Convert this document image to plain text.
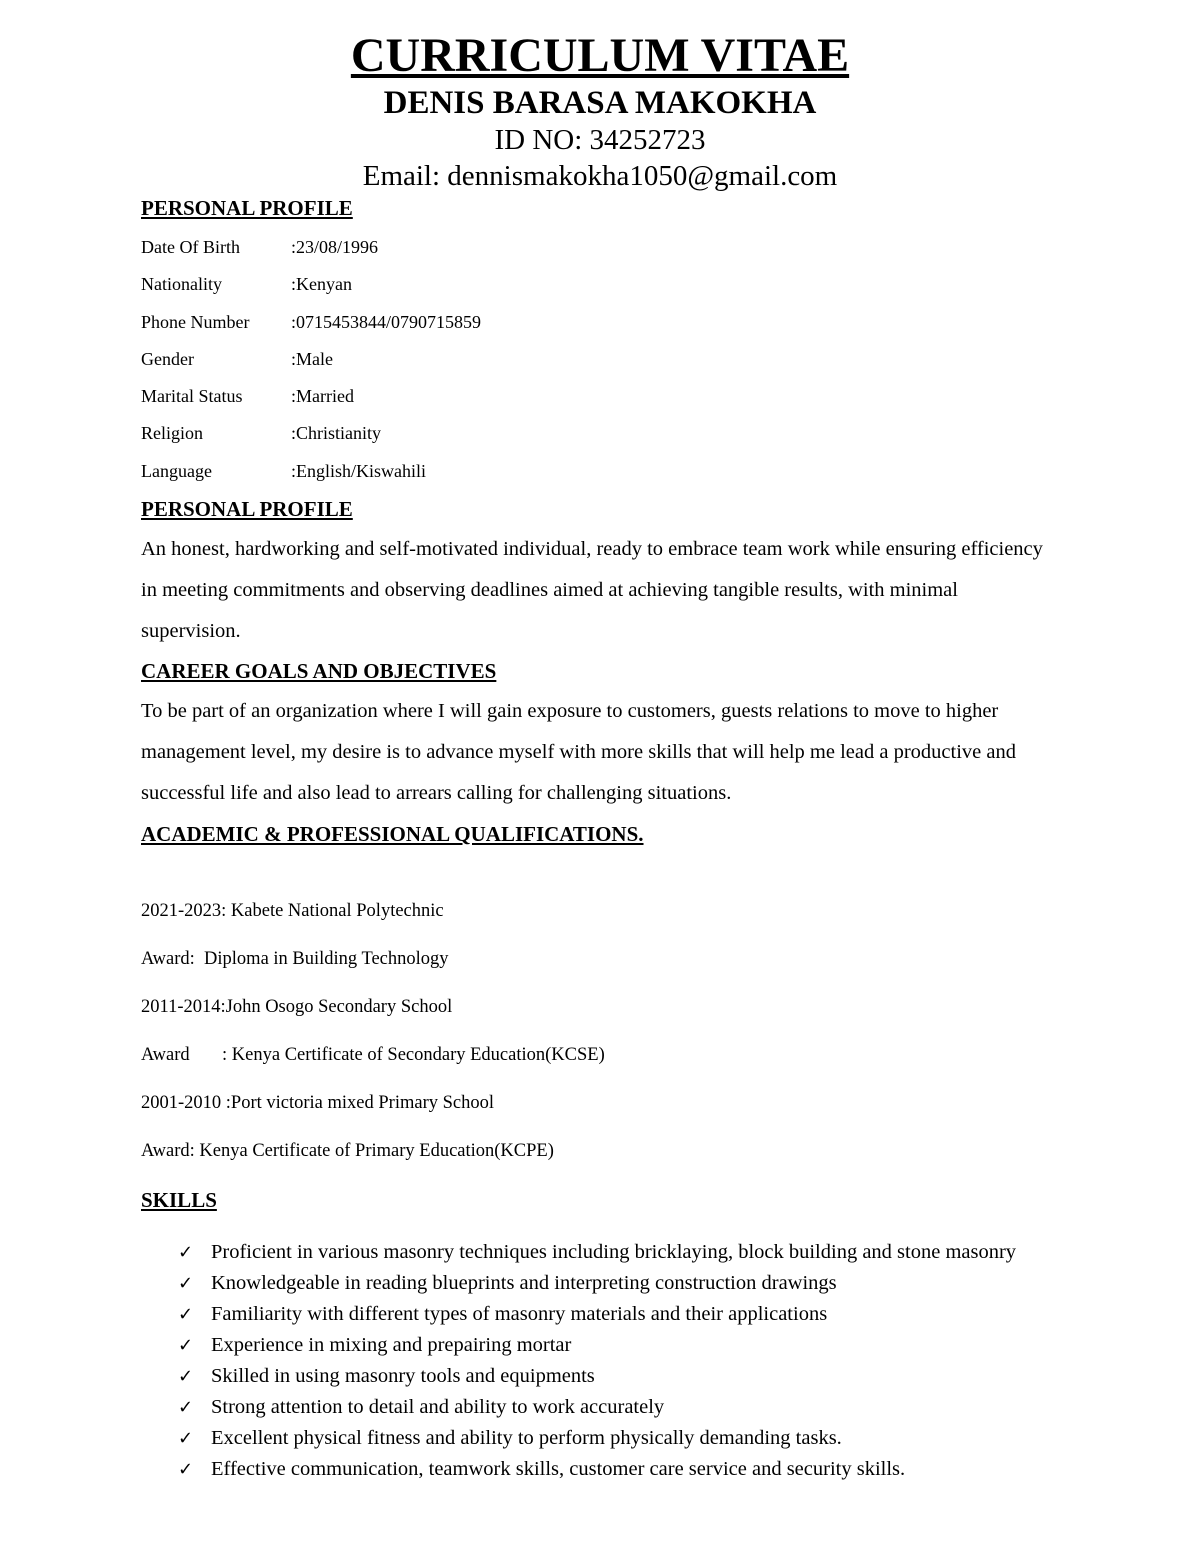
CURRICULUM VITAE

DENIS BARASA MAKOKHA

ID NO: 34252723

Email: dennismakokha1050@gmail.com

PERSONAL PROFILE

Date Of Birth	:23/08/1996
Nationality	:Kenyan
Phone Number	:0715453844/0790715859
Gender	:Male
Marital Status	:Married
Religion	:Christianity
Language	:English/Kiswahili

PERSONAL PROFILE

An honest, hardworking and self-motivated individual, ready to embrace team work while ensuring efficiency in meeting commitments and observing deadlines aimed at achieving tangible results, with minimal supervision.

CAREER GOALS AND OBJECTIVES

To be part of an organization where I will gain exposure to customers, guests relations to move to higher management level, my desire is to advance myself with more skills that will help me lead a productive and successful life and also lead to arrears calling for challenging situations.

ACADEMIC & PROFESSIONAL QUALIFICATIONS.

2021-2023: Kabete National Polytechnic
Award:  Diploma in Building Technology
2011-2014:John Osogo Secondary School
Award       : Kenya Certificate of Secondary Education(KCSE)
2001-2010 :Port victoria mixed Primary School
Award: Kenya Certificate of Primary Education(KCPE)

SKILLS

✓ Proficient in various masonry techniques including bricklaying, block building and stone masonry
✓ Knowledgeable in reading blueprints and interpreting construction drawings
✓ Familiarity with different types of masonry materials and their applications
✓ Experience in mixing and prepairing mortar
✓ Skilled in using masonry tools and equipments
✓ Strong attention to detail and ability to work accurately
✓ Excellent physical fitness and ability to perform physically demanding tasks.
✓ Effective communication, teamwork skills, customer care service and security skills.
